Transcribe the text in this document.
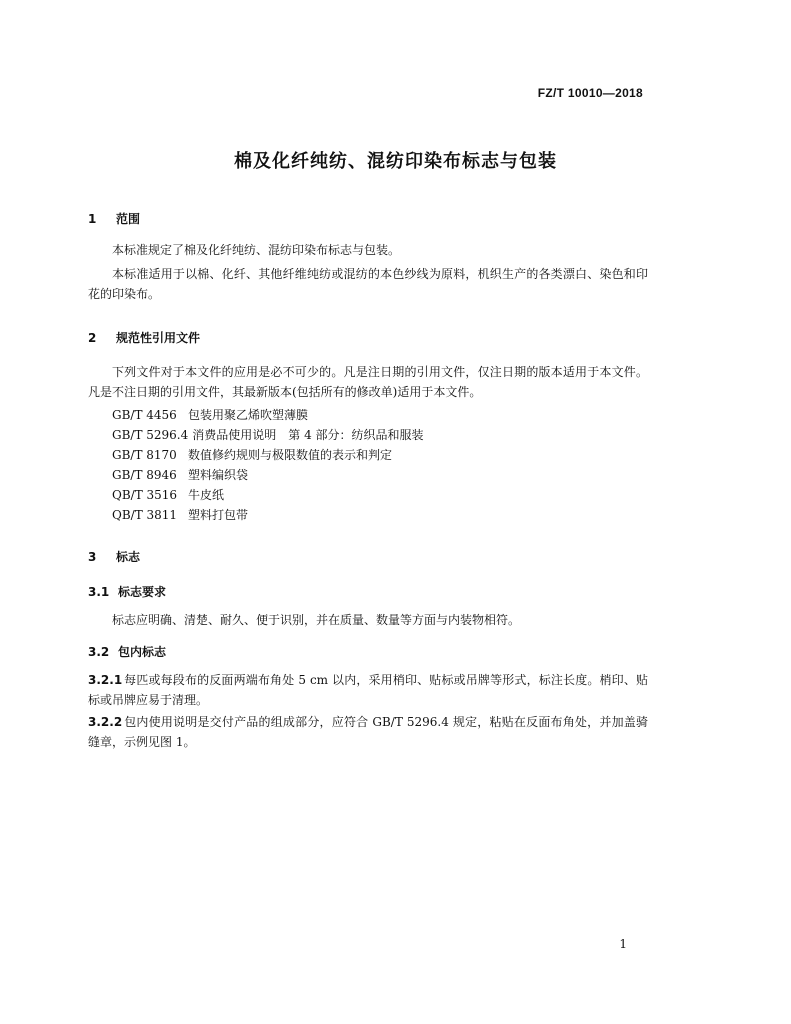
FZ/T 10010—2018
棉及化纤纯纺、混纺印染布标志与包装
1 范围
本标准规定了棉及化纤纯纺、混纺印染布标志与包装。
本标准适用于以棉、化纤、其他纤维纯纺或混纺的本色纱线为原料，机织生产的各类漂白、染色和印花的印染布。
2 规范性引用文件
下列文件对于本文件的应用是必不可少的。凡是注日期的引用文件，仅注日期的版本适用于本文件。凡是不注日期的引用文件，其最新版本(包括所有的修改单)适用于本文件。
GB/T 4456 包装用聚乙烯吹塑薄膜
GB/T 5296.4 消费品使用说明　第 4 部分：纺织品和服装
GB/T 8170 数值修约规则与极限数值的表示和判定
GB/T 8946 塑料编织袋
QB/T 3516 牛皮纸
QB/T 3811 塑料打包带
3 标志
3.1 标志要求
标志应明确、清楚、耐久、便于识别，并在质量、数量等方面与内装物相符。
3.2 包内标志
3.2.1 每匹或每段布的反面两端布角处 5 cm 以内，采用梢印、贴标或吊牌等形式，标注长度。梢印、贴标或吊牌应易于清理。
3.2.2 包内使用说明是交付产品的组成部分，应符合 GB/T 5296.4 规定，粘贴在反面布角处，并加盖骑缝章，示例见图 1。
1
